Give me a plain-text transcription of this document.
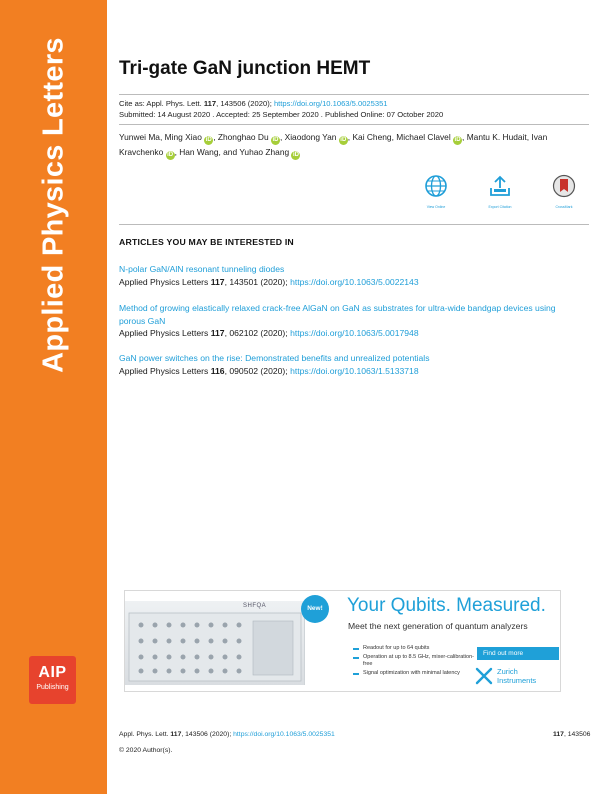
Applied Physics Letters
AIP
Publishing
Tri-gate GaN junction HEMT
Cite as: Appl. Phys. Lett. 117, 143506 (2020); https://doi.org/10.1063/5.0025351
Submitted: 14 August 2020 . Accepted: 25 September 2020 . Published Online: 07 October 2020
Yunwei Ma, Ming Xiao iD , Zhonghao Du iD , Xiaodong Yan iD , Kai Cheng, Michael Clavel iD , Mantu K. Hudait, Ivan Kravchenko iD , Han Wang, and Yuhao Zhang iD
View Online	Export Citation	CrossMark
ARTICLES YOU MAY BE INTERESTED IN
N-polar GaN/AlN resonant tunneling diodes
Applied Physics Letters 117, 143501 (2020); https://doi.org/10.1063/5.0022143
Method of growing elastically relaxed crack-free AlGaN on GaN as substrates for ultra-wide bandgap devices using porous GaN
Applied Physics Letters 117, 062102 (2020); https://doi.org/10.1063/5.0017948
GaN power switches on the rise: Demonstrated benefits and unrealized potentials
Applied Physics Letters 116, 090502 (2020); https://doi.org/10.1063/1.5133718
SHFQA	New!	Your Qubits. Measured.
Meet the next generation of quantum analyzers
Readout for up to 64 qubits
Operation at up to 8.5 GHz, mixer-calibration-free
Signal optimization with minimal latency
Find out more
Zurich
Instruments
Appl. Phys. Lett. 117, 143506 (2020); https://doi.org/10.1063/5.0025351	117, 143506
© 2020 Author(s).
